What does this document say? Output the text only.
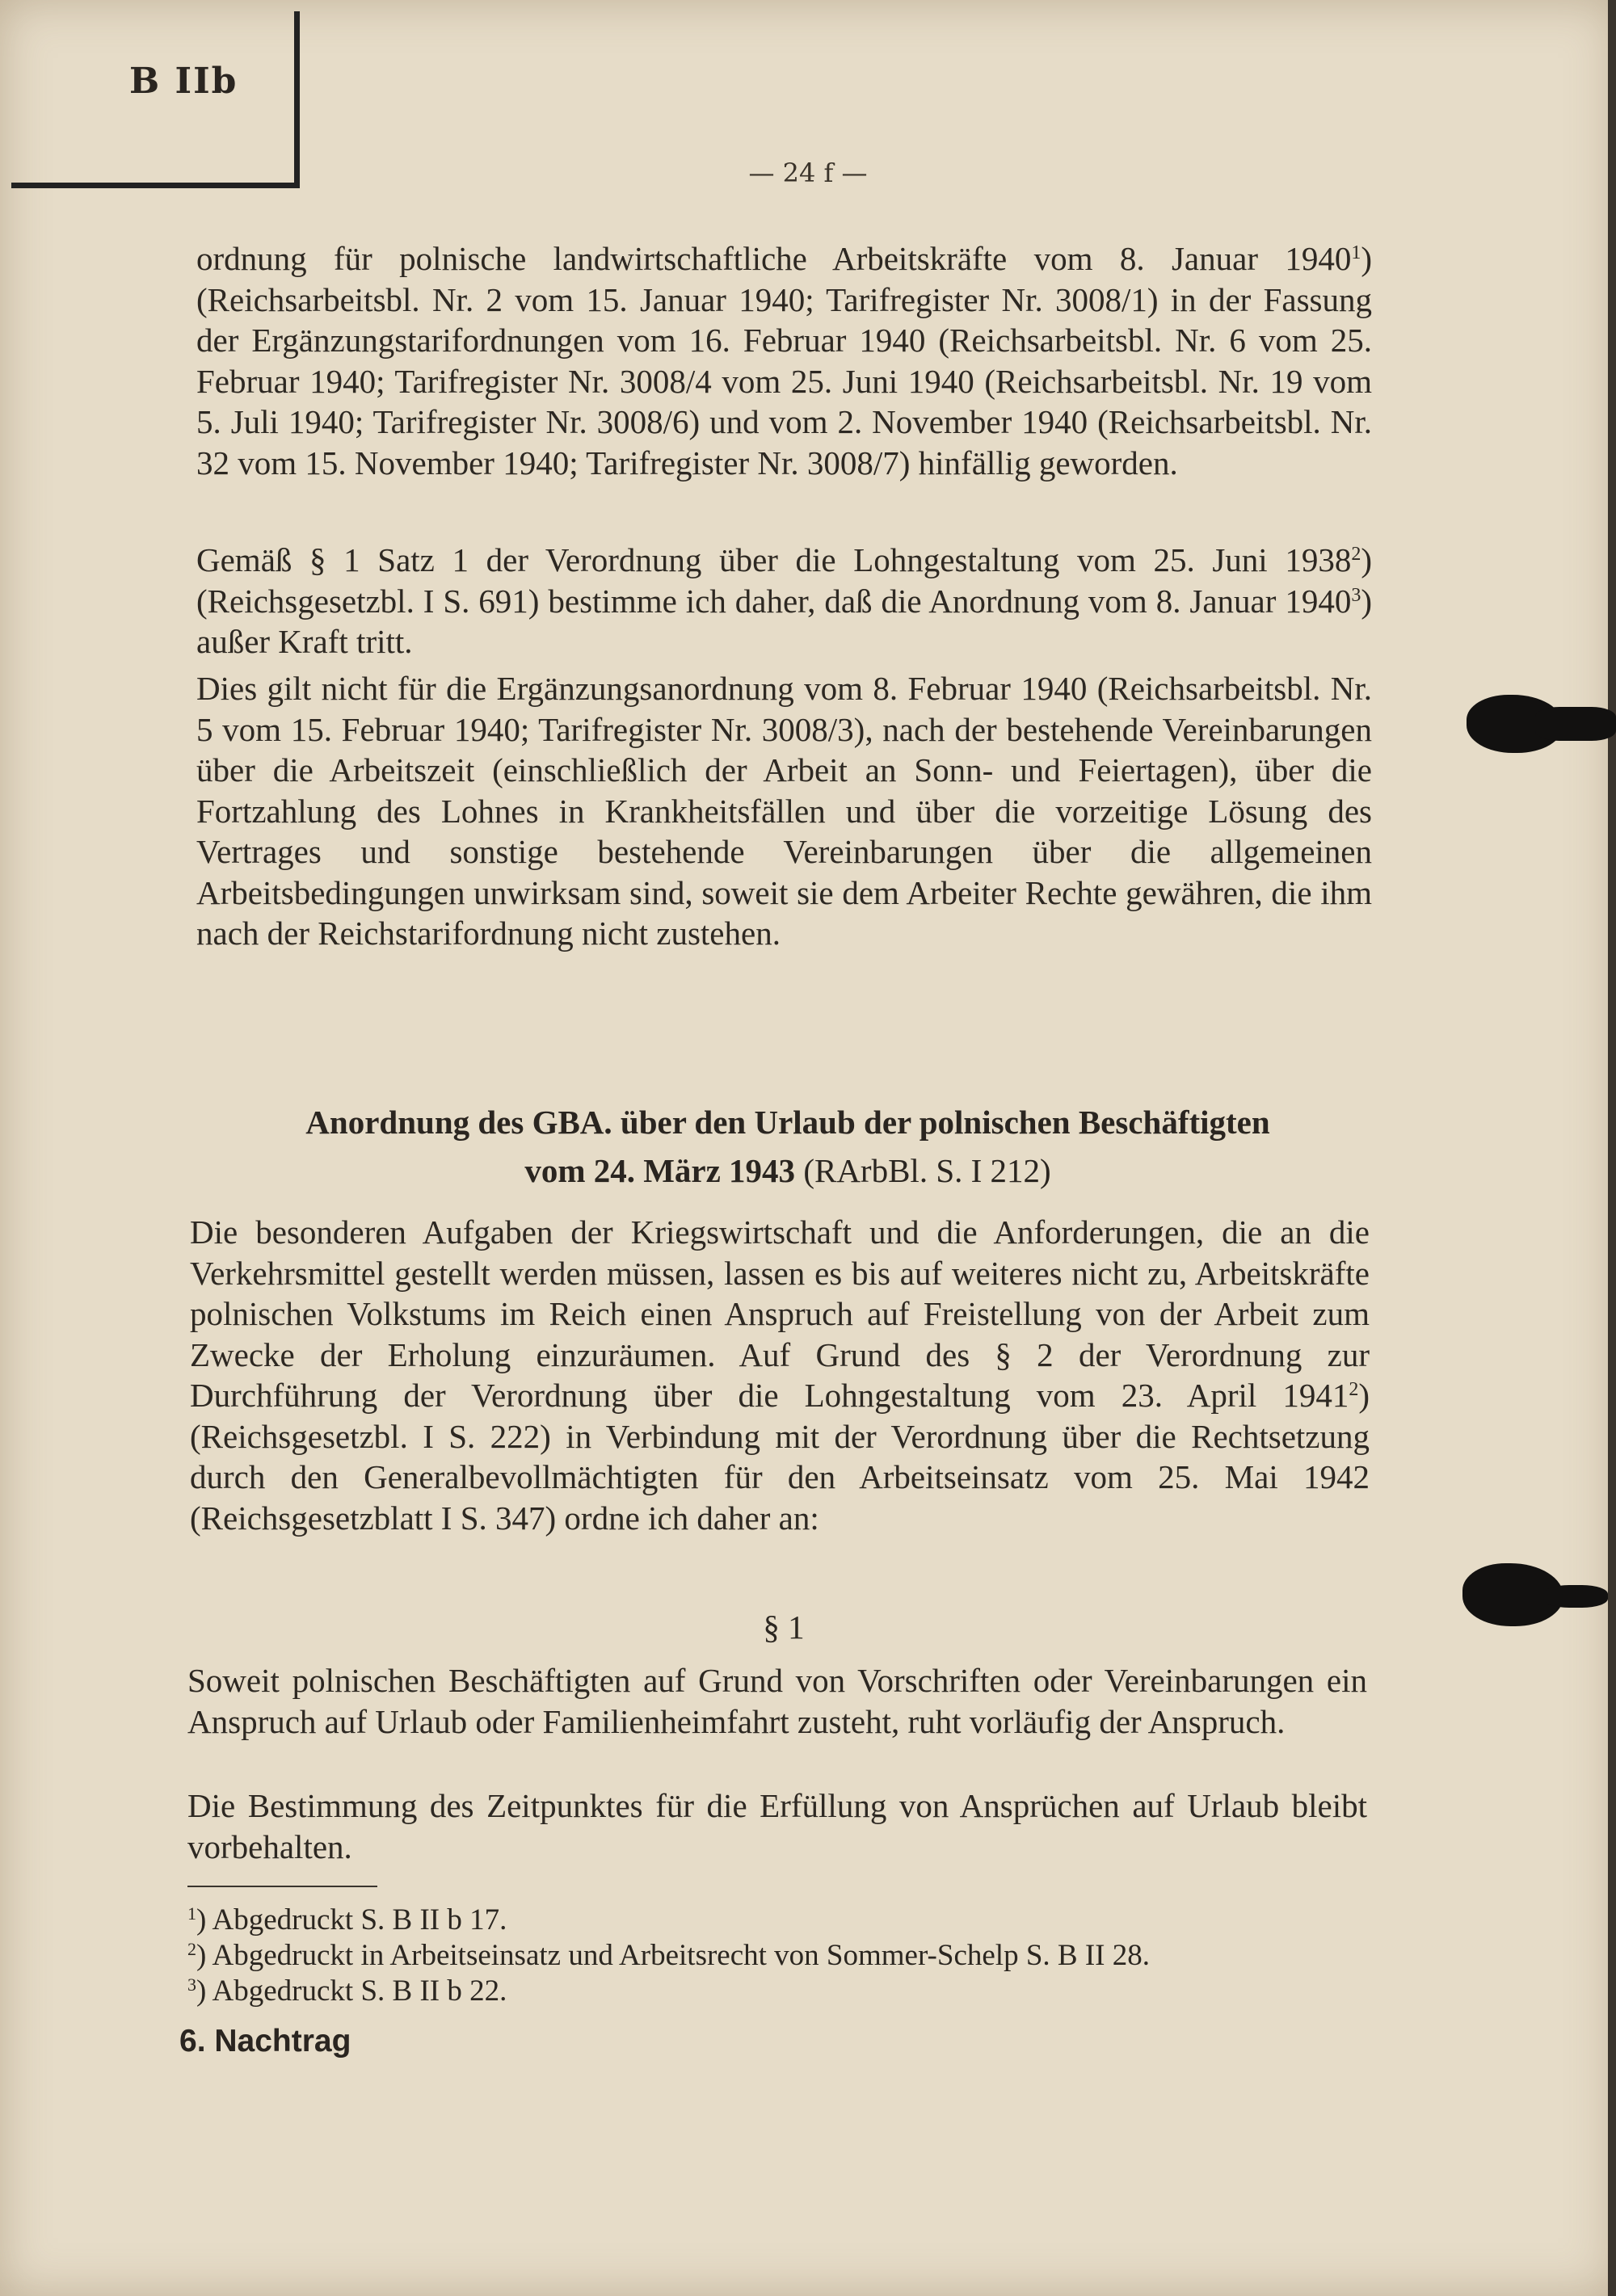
B IIb
— 24 f —
ordnung für polnische landwirtschaftliche Arbeitskräfte vom 8. Januar 1940$^1$) (Reichsarbeitsbl. Nr. 2 vom 15. Januar 1940; Tarifregister Nr. 3008/1) in der Fassung der Ergänzungstarifordnungen vom 16. Februar 1940 (Reichsarbeitsbl. Nr. 6 vom 25. Februar 1940; Tarifregister Nr. 3008/4 vom 25. Juni 1940 (Reichsarbeitsbl. Nr. 19 vom 5. Juli 1940; Tarifregister Nr. 3008/6) und vom 2. November 1940 (Reichsarbeitsbl. Nr. 32 vom 15. November 1940; Tarifregister Nr. 3008/7) hinfällig geworden.
Gemäß § 1 Satz 1 der Verordnung über die Lohngestaltung vom 25. Juni 1938$^2$) (Reichsgesetzbl. I S. 691) bestimme ich daher, daß die Anordnung vom 8. Januar 1940$^3$) außer Kraft tritt.
Dies gilt nicht für die Ergänzungsanordnung vom 8. Februar 1940 (Reichsarbeitsbl. Nr. 5 vom 15. Februar 1940; Tarifregister Nr. 3008/3), nach der bestehende Vereinbarungen über die Arbeitszeit (einschließlich der Arbeit an Sonn- und Feiertagen), über die Fortzahlung des Lohnes in Krankheitsfällen und über die vorzeitige Lösung des Vertrages und sonstige bestehende Vereinbarungen über die allgemeinen Arbeitsbedingungen unwirksam sind, soweit sie dem Arbeiter Rechte gewähren, die ihm nach der Reichstarifordnung nicht zustehen.
Anordnung des GBA. über den Urlaub der polnischen Beschäftigten
vom 24. März 1943 (RArbBl. S. I 212)
Die besonderen Aufgaben der Kriegswirtschaft und die Anforderungen, die an die Verkehrsmittel gestellt werden müssen, lassen es bis auf weiteres nicht zu, Arbeitskräfte polnischen Volkstums im Reich einen Anspruch auf Freistellung von der Arbeit zum Zwecke der Erholung einzuräumen. Auf Grund des § 2 der Verordnung zur Durchführung der Verordnung über die Lohngestaltung vom 23. April 1941$^2$) (Reichsgesetzbl. I S. 222) in Verbindung mit der Verordnung über die Rechtsetzung durch den Generalbevollmächtigten für den Arbeitseinsatz vom 25. Mai 1942 (Reichsgesetzblatt I S. 347) ordne ich daher an:
§ 1
Soweit polnischen Beschäftigten auf Grund von Vorschriften oder Vereinbarungen ein Anspruch auf Urlaub oder Familienheimfahrt zusteht, ruht vorläufig der Anspruch.
Die Bestimmung des Zeitpunktes für die Erfüllung von Ansprüchen auf Urlaub bleibt vorbehalten.
$^1$) Abgedruckt S. B II b 17.
$^2$) Abgedruckt in Arbeitseinsatz und Arbeitsrecht von Sommer-Schelp S. B II 28.
$^3$) Abgedruckt S. B II b 22.
6. Nachtrag
